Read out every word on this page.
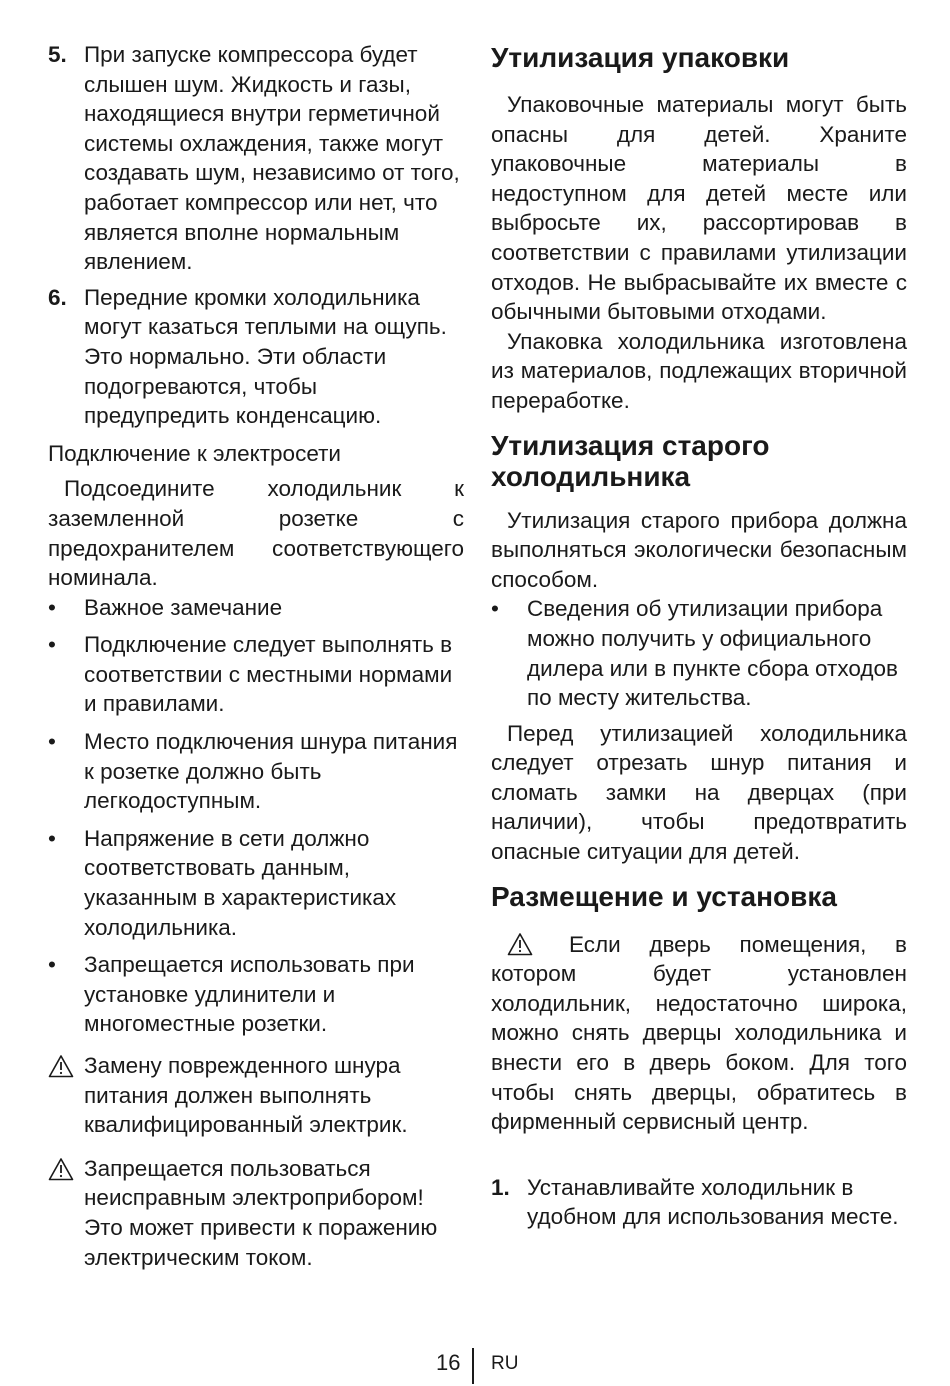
5. При запуске компрессора будет слышен шум. Жидкость и газы, находящиеся внутри герметичной системы охлаждения, также могут создавать шум, независимо от того, работает компрессор или нет, что является вполне нормальным явлением.
6. Передние кромки холодильника могут казаться теплыми на ощупь. Это нормально. Эти области подогреваются, чтобы предупредить конденсацию.

Подключение к электросети

Подсоедините холодильник к заземленной розетке с предохранителем соответствующего номинала.

• Важное замечание
• Подключение следует выполнять в соответствии с местными нормами и правилами.
• Место подключения шнура питания к розетке должно быть легкодоступным.
• Напряжение в сети должно соответствовать данным, указанным в характеристиках холодильника.
• Запрещается использовать при установке удлинители и многоместные розетки.
Замену поврежденного шнура питания должен выполнять квалифицированный электрик.
Запрещается пользоваться неисправным электроприбором! Это может привести к поражению электрическим током.
Утилизация упаковки

Упаковочные материалы могут быть опасны для детей. Храните упаковочные материалы в недоступном для детей месте или выбросьте их, рассортировав в соответствии с правилами утилизации отходов. Не выбрасывайте их вместе с обычными бытовыми отходами.

Упаковка холодильника изготовлена из материалов, подлежащих вторичной переработке.

Утилизация старого холодильника

Утилизация старого прибора должна выполняться экологически безопасным способом.

• Сведения об утилизации прибора можно получить у официального дилера или в пункте сбора отходов по месту жительства.

Перед утилизацией холодильника следует отрезать шнур питания и сломать замки на дверцах (при наличии), чтобы предотвратить опасные ситуации для детей.

Размещение и установка

Если дверь помещения, в котором будет установлен холодильник, недостаточно широка, можно снять дверцы холодильника и внести его в дверь боком. Для того чтобы снять дверцы, обратитесь в фирменный сервисный центр.

1. Устанавливайте холодильник в удобном для использования месте.
16 RU
